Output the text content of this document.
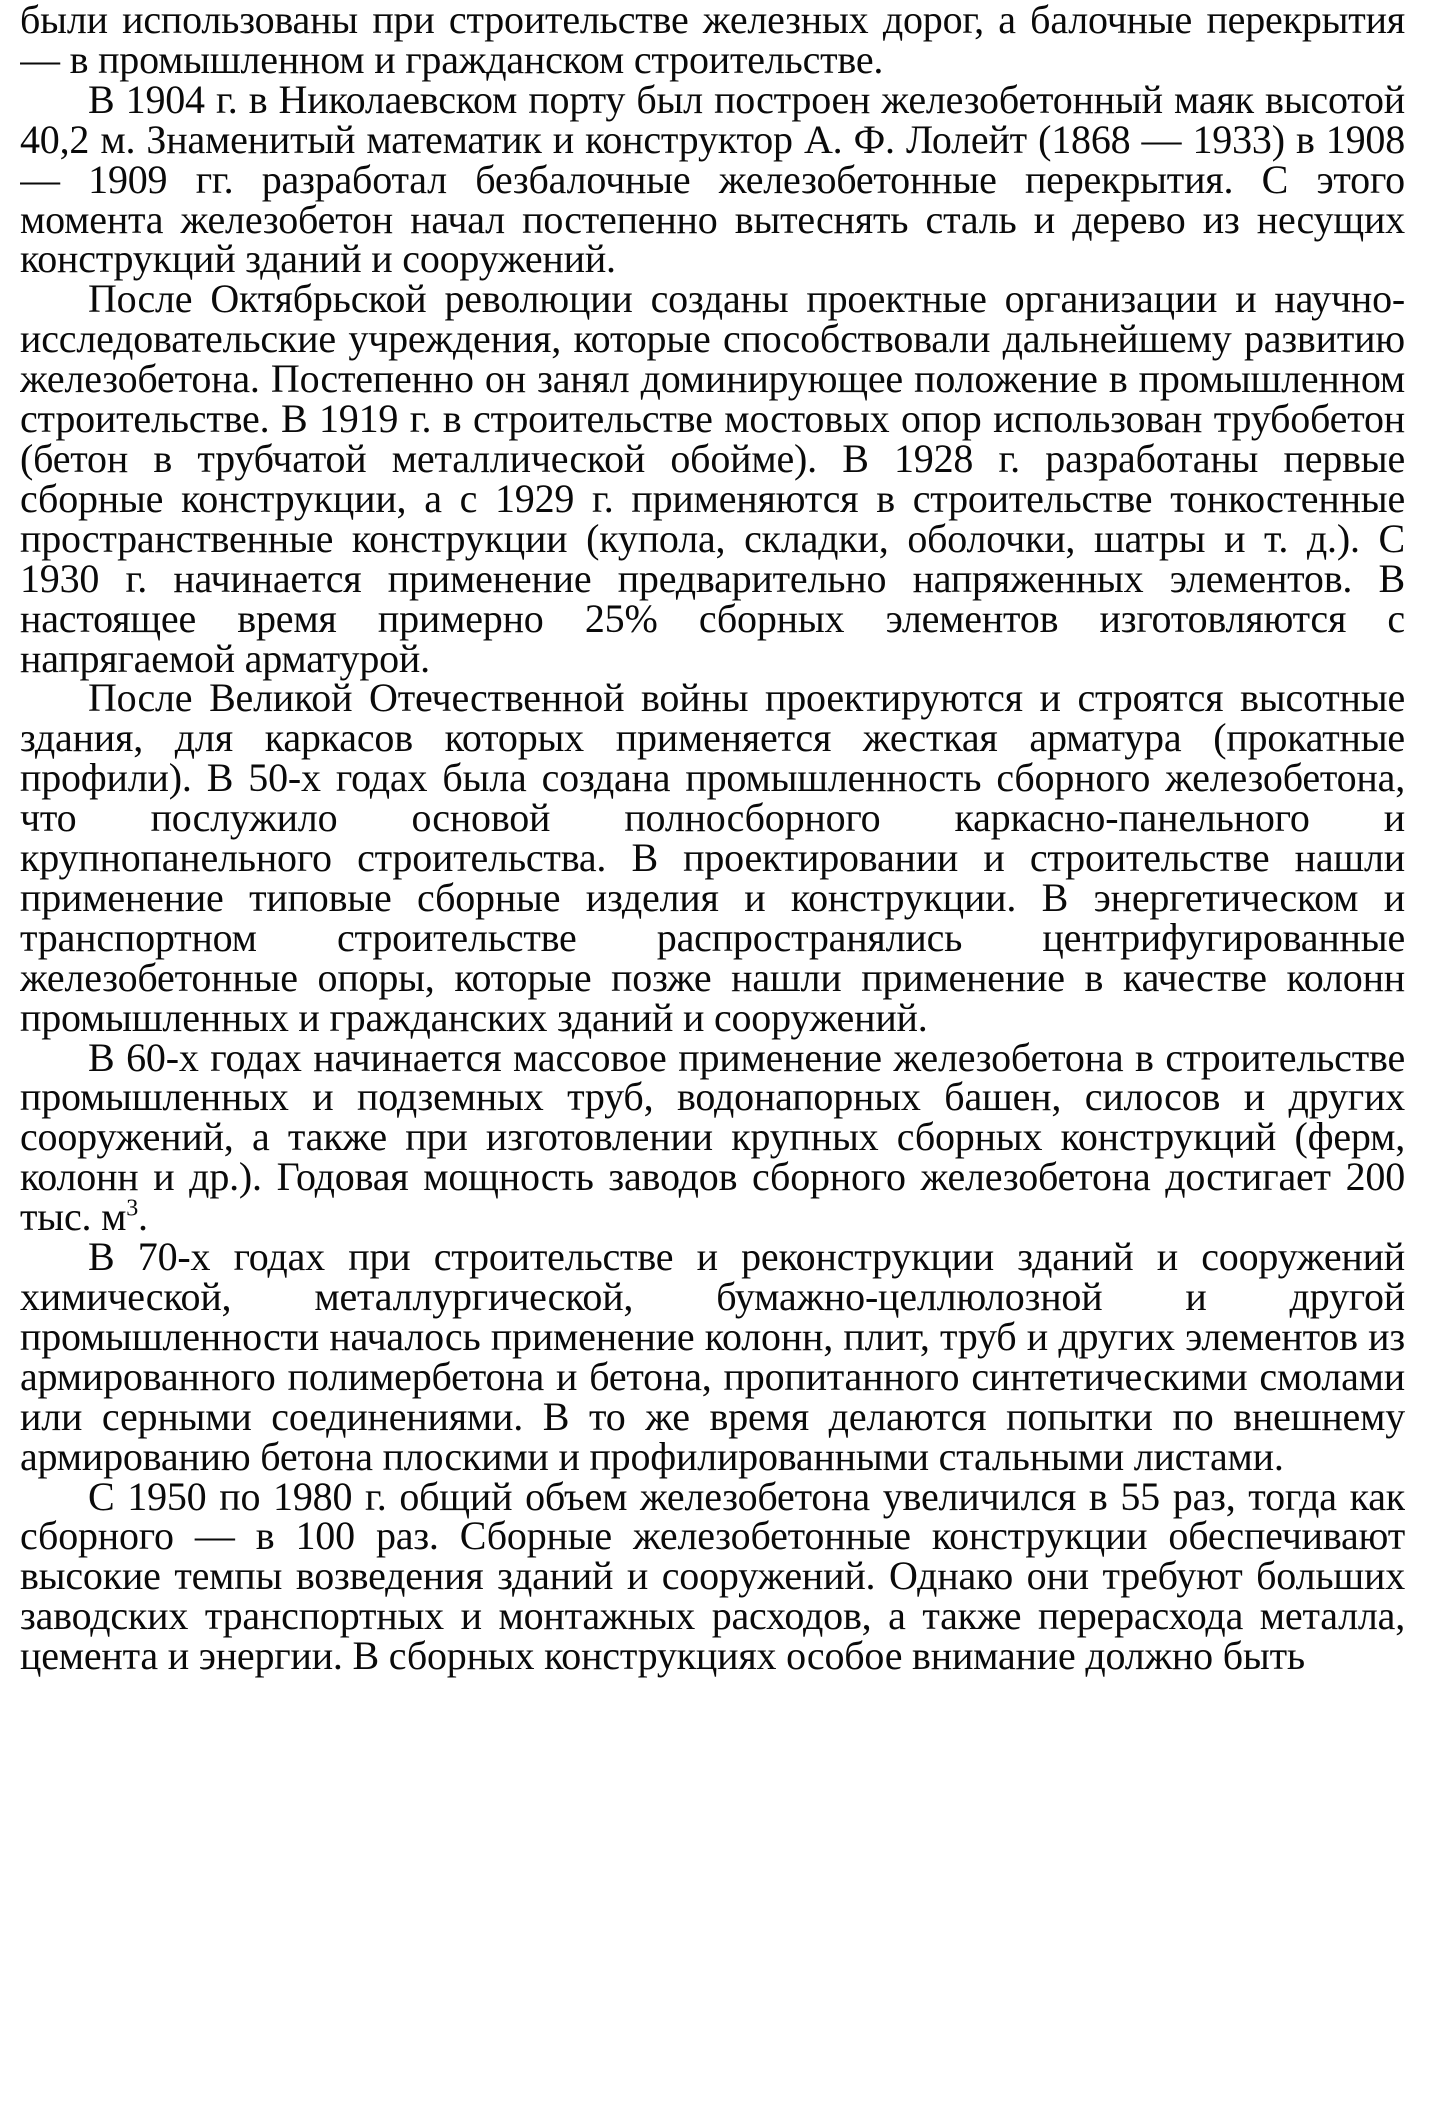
были использованы при строительстве железных дорог, а балочные перекрытия — в промышленном и гражданском строительстве.

В 1904 г. в Николаевском порту был построен железобетонный маяк высотой 40,2 м. Знаменитый математик и конструктор А. Ф. Лолейт (1868 — 1933) в 1908 — 1909 гг. разработал безбалочные железобетонные перекрытия. С этого момента железобетон начал постепенно вытеснять сталь и дерево из несущих конструкций зданий и сооружений.

После Октябрьской революции созданы проектные организации и научно-исследовательские учреждения, которые способствовали дальнейшему развитию железобетона. Постепенно он занял доминирующее положение в промышленном строительстве. В 1919 г. в строительстве мостовых опор использован трубобетон (бетон в трубчатой металлической обойме). В 1928 г. разработаны первые сборные конструкции, а с 1929 г. применяются в строительстве тонкостенные пространственные конструкции (купола, складки, оболочки, шатры и т. д.). С 1930 г. начинается применение предварительно напряженных элементов. В настоящее время примерно 25% сборных элементов изготовляются с напрягаемой арматурой.

После Великой Отечественной войны проектируются и строятся высотные здания, для каркасов которых применяется жесткая арматура (прокатные профили). В 50-х годах была создана промышленность сборного железобетона, что послужило основой полносборного каркасно-панельного и крупнопанельного строительства. В проектировании и строительстве нашли применение типовые сборные изделия и конструкции. В энергетическом и транспортном строительстве распространялись центрифугированные железобетонные опоры, которые позже нашли применение в качестве колонн промышленных и гражданских зданий и сооружений.

В 60-х годах начинается массовое применение железобетона в строительстве промышленных и подземных труб, водонапорных башен, силосов и других сооружений, а также при изготовлении крупных сборных конструкций (ферм, колонн и др.). Годовая мощность заводов сборного железобетона достигает 200 тыс. $м^3$.

В 70-х годах при строительстве и реконструкции зданий и сооружений химической, металлургической, бумажно-целлюлозной и другой промышленности началось применение колонн, плит, труб и других элементов из армированного полимербетона и бетона, пропитанного синтетическими смолами или серными соединениями. В то же время делаются попытки по внешнему армированию бетона плоскими и профилированными стальными листами.

С 1950 по 1980 г. общий объем железобетона увеличился в 55 раз, тогда как сборного — в 100 раз. Сборные железобетонные конструкции обеспечивают высокие темпы возведения зданий и сооружений. Однако они требуют больших заводских транспортных и монтажных расходов, а также перерасхода металла, цемента и энергии. В сборных конструкциях особое внимание должно быть
